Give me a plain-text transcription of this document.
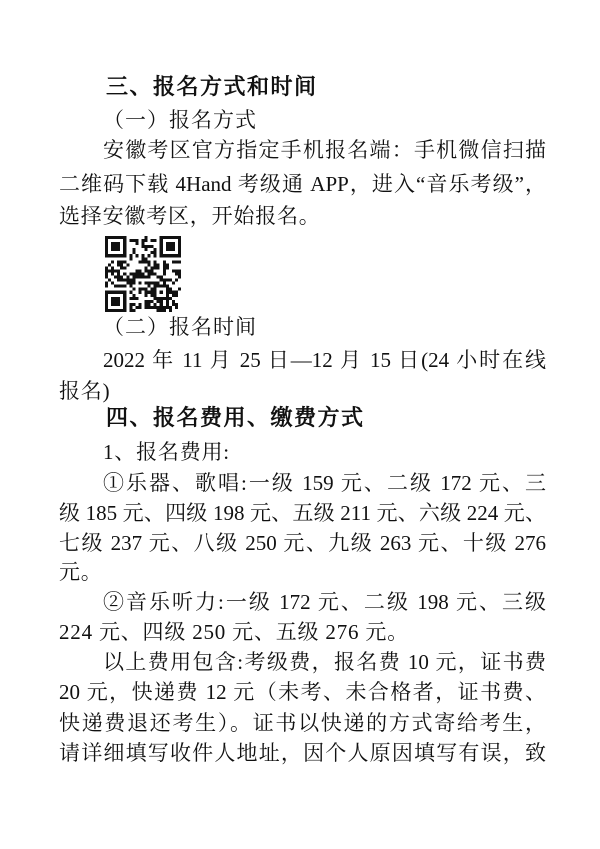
三、报名方式和时间
（一）报名方式
安徽考区官方指定手机报名端：手机微信扫描
二维码下载 4Hand 考级通 APP，进入“音乐考级”，
选择安徽考区，开始报名。
（二）报名时间
2022 年 11 月 25 日—12 月 15 日(24 小时在线
报名)
四、报名费用、缴费方式
1、报名费用:
①乐器、歌唱:一级 159 元、二级 172 元、三
级 185 元、四级 198 元、五级 211 元、六级 224 元、
七级 237 元、八级 250 元、九级 263 元、十级 276
元。
②音乐听力:一级 172 元、二级 198 元、三级
224 元、四级 250 元、五级 276 元。
以上费用包含:考级费，报名费 10 元，证书费
20 元，快递费 12 元（未考、未合格者，证书费、
快递费退还考生）。证书以快递的方式寄给考生，
请详细填写收件人地址，因个人原因填写有误，致
